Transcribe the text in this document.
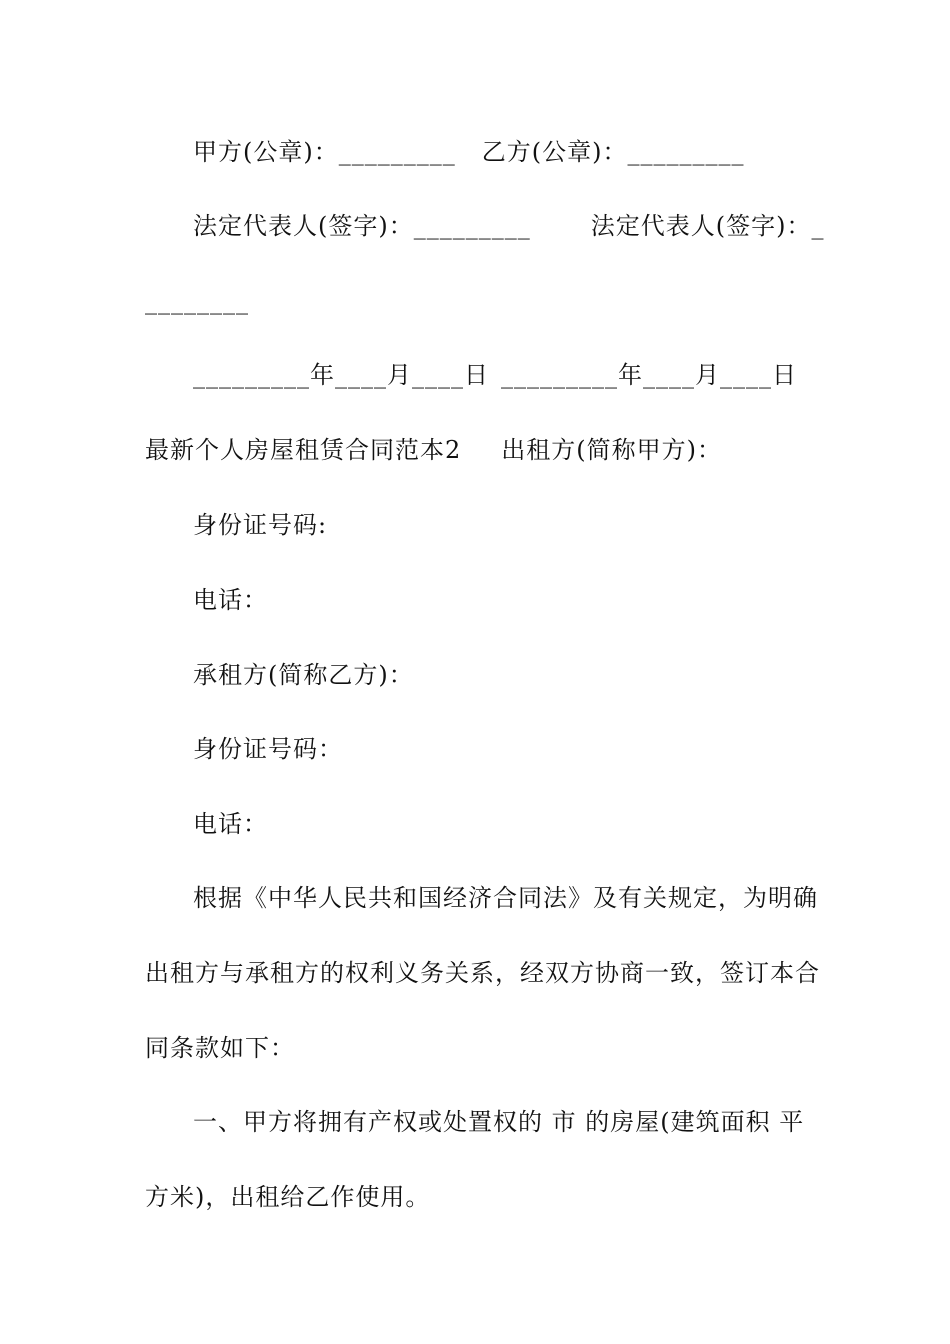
甲方(公章)：_________ 乙方(公章)：_________

法定代表人(签字)：_________	法定代表人(签字)：_

________

_________年____月____日 _________年____月____日

最新个人房屋租赁合同范本2 出租方(简称甲方)：

身份证号码:

电话：

承租方(简称乙方)：

身份证号码：

电话：

根据《中华人民共和国经济合同法》及有关规定，为明确

出租方与承租方的权利义务关系，经双方协商一致，签订本合

同条款如下：

一、甲方将拥有产权或处置权的 市 的房屋(建筑面积 平

方米)，出租给乙作使用。
